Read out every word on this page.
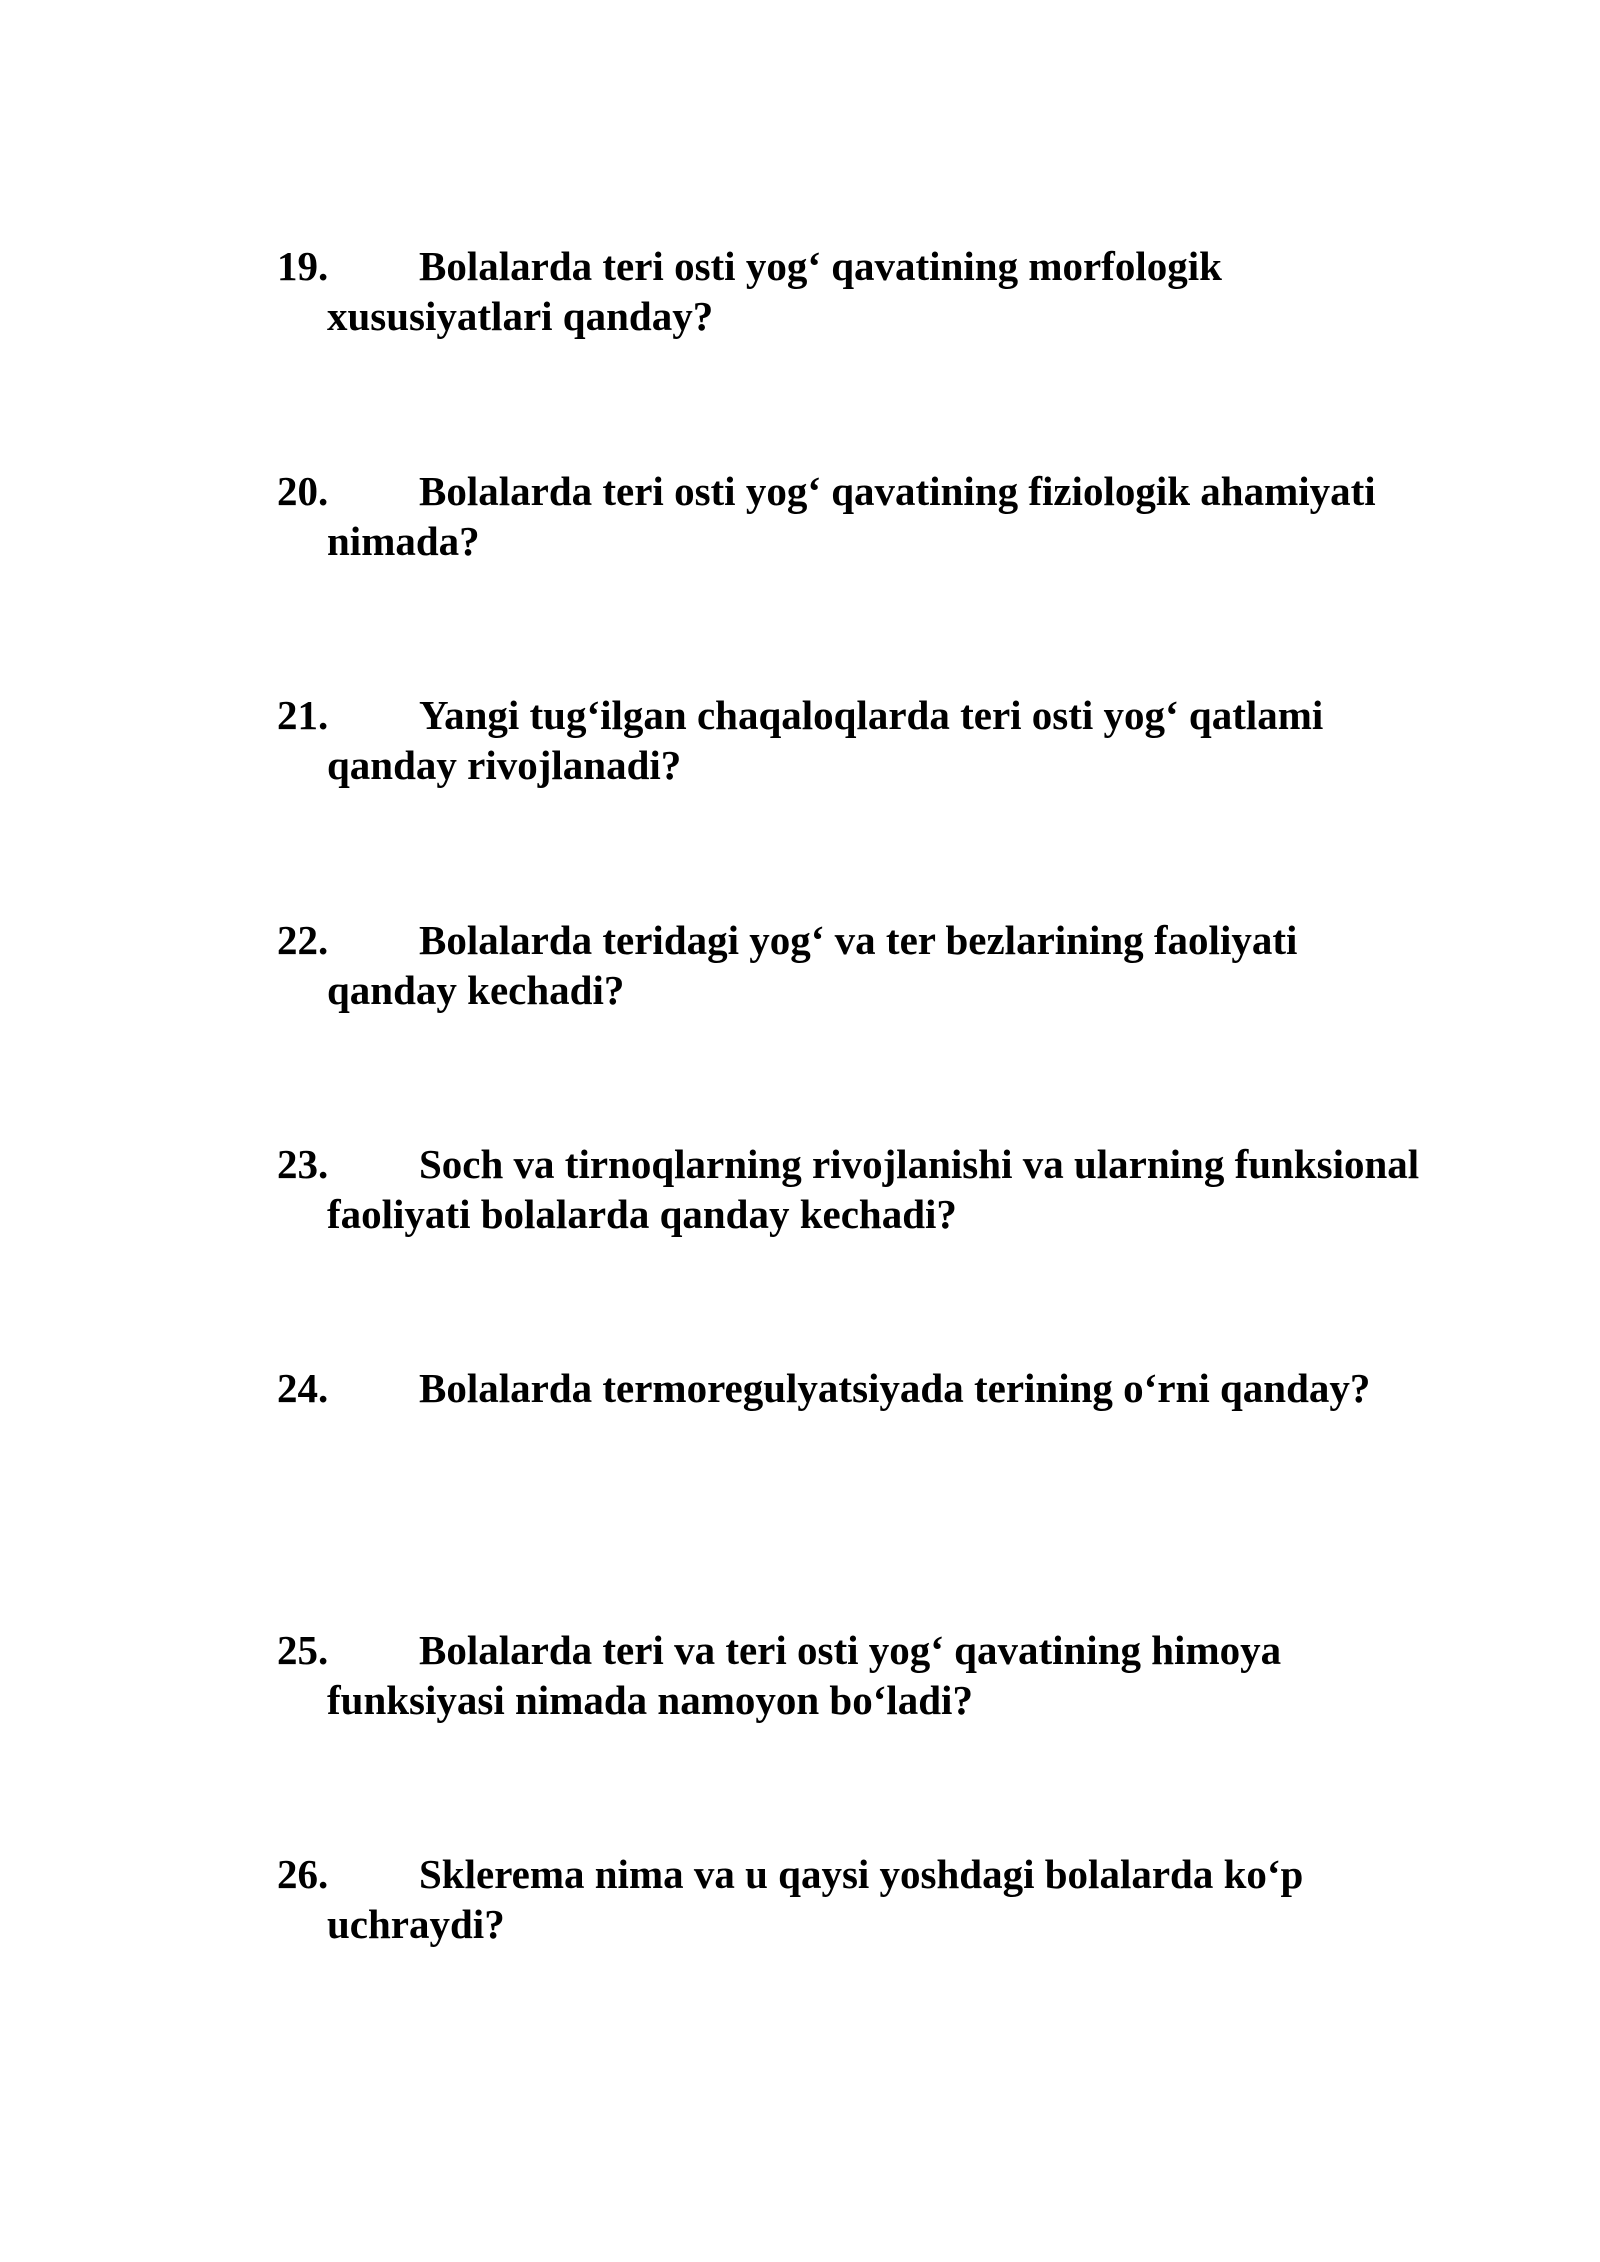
19. Bolalarda teri osti yog‘ qavatining morfologik
xususiyatlari qanday?
20. Bolalarda teri osti yog‘ qavatining fiziologik ahamiyati
nimada?
21. Yangi tug‘ilgan chaqaloqlarda teri osti yog‘ qatlami
qanday rivojlanadi?
22. Bolalarda teridagi yog‘ va ter bezlarining faoliyati
qanday kechadi?
23. Soch va tirnoqlarning rivojlanishi va ularning funksional
faoliyati bolalarda qanday kechadi?
24. Bolalarda termoregulyatsiyada terining o‘rni qanday?
25. Bolalarda teri va teri osti yog‘ qavatining himoya
funksiyasi nimada namoyon bo‘ladi?
26. Sklerema nima va u qaysi yoshdagi bolalarda ko‘p
uchraydi?
